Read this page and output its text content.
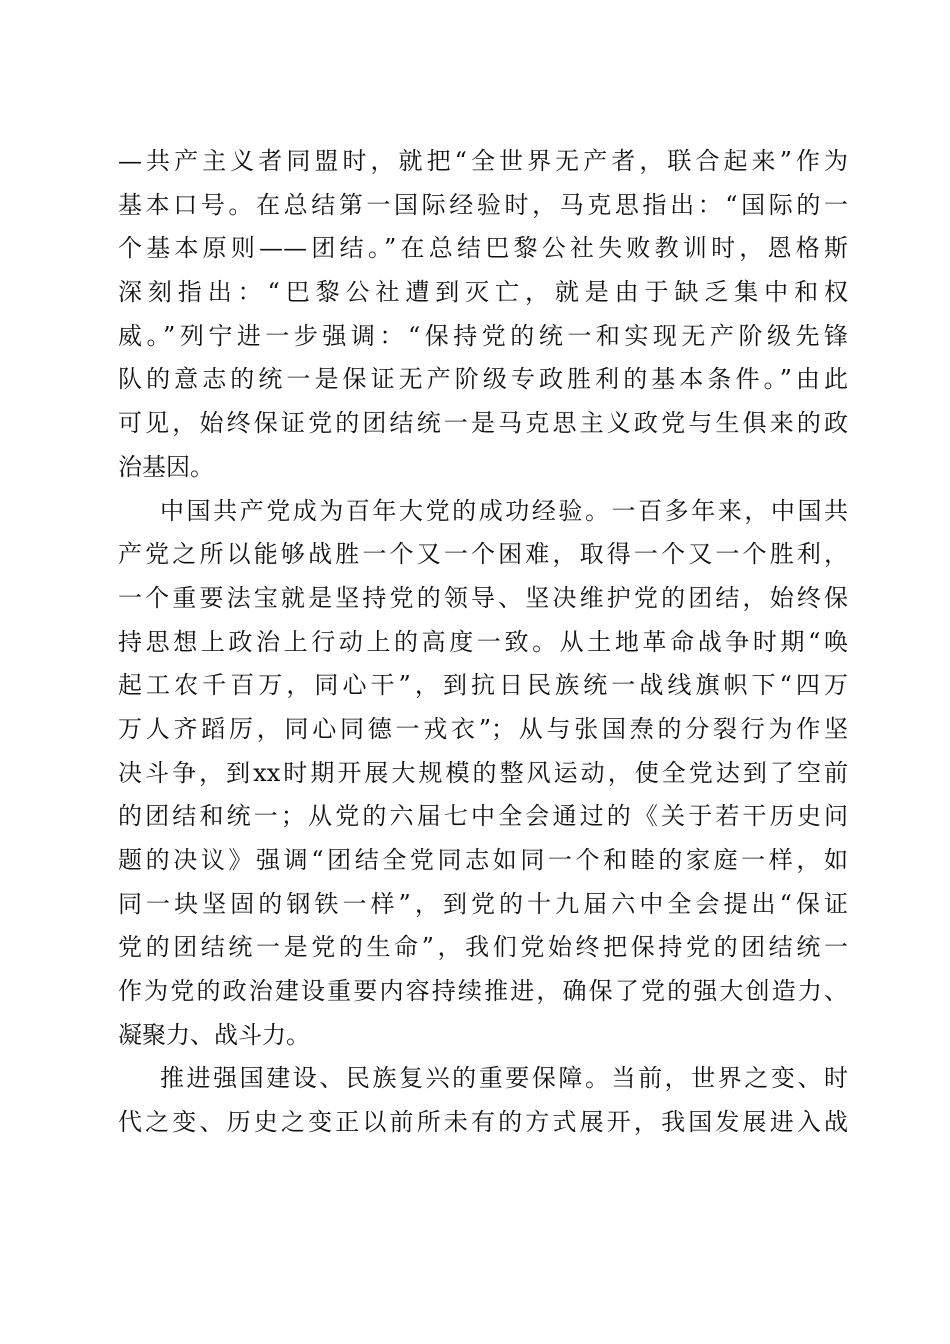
—共产主义者同盟时，就把“全世界无产者，联合起来”作为
基本口号。在总结第一国际经验时，马克思指出：“国际的一
个基本原则——团结。”在总结巴黎公社失败教训时，恩格斯
深刻指出：“巴黎公社遭到灭亡，就是由于缺乏集中和权
威。”列宁进一步强调：“保持党的统一和实现无产阶级先锋
队的意志的统一是保证无产阶级专政胜利的基本条件。”由此
可见，始终保证党的团结统一是马克思主义政党与生俱来的政
治基因。
中国共产党成为百年大党的成功经验。一百多年来，中国共
产党之所以能够战胜一个又一个困难，取得一个又一个胜利，
一个重要法宝就是坚持党的领导、坚决维护党的团结，始终保
持思想上政治上行动上的高度一致。从土地革命战争时期“唤
起工农千百万，同心干”，到抗日民族统一战线旗帜下“四万
万人齐蹈厉，同心同德一戎衣”；从与张国焘的分裂行为作坚
决斗争，到xx时期开展大规模的整风运动，使全党达到了空前
的团结和统一；从党的六届七中全会通过的《关于若干历史问
题的决议》强调“团结全党同志如同一个和睦的家庭一样，如
同一块坚固的钢铁一样”，到党的十九届六中全会提出“保证
党的团结统一是党的生命”，我们党始终把保持党的团结统一
作为党的政治建设重要内容持续推进，确保了党的强大创造力、
凝聚力、战斗力。
推进强国建设、民族复兴的重要保障。当前，世界之变、时
代之变、历史之变正以前所未有的方式展开，我国发展进入战
